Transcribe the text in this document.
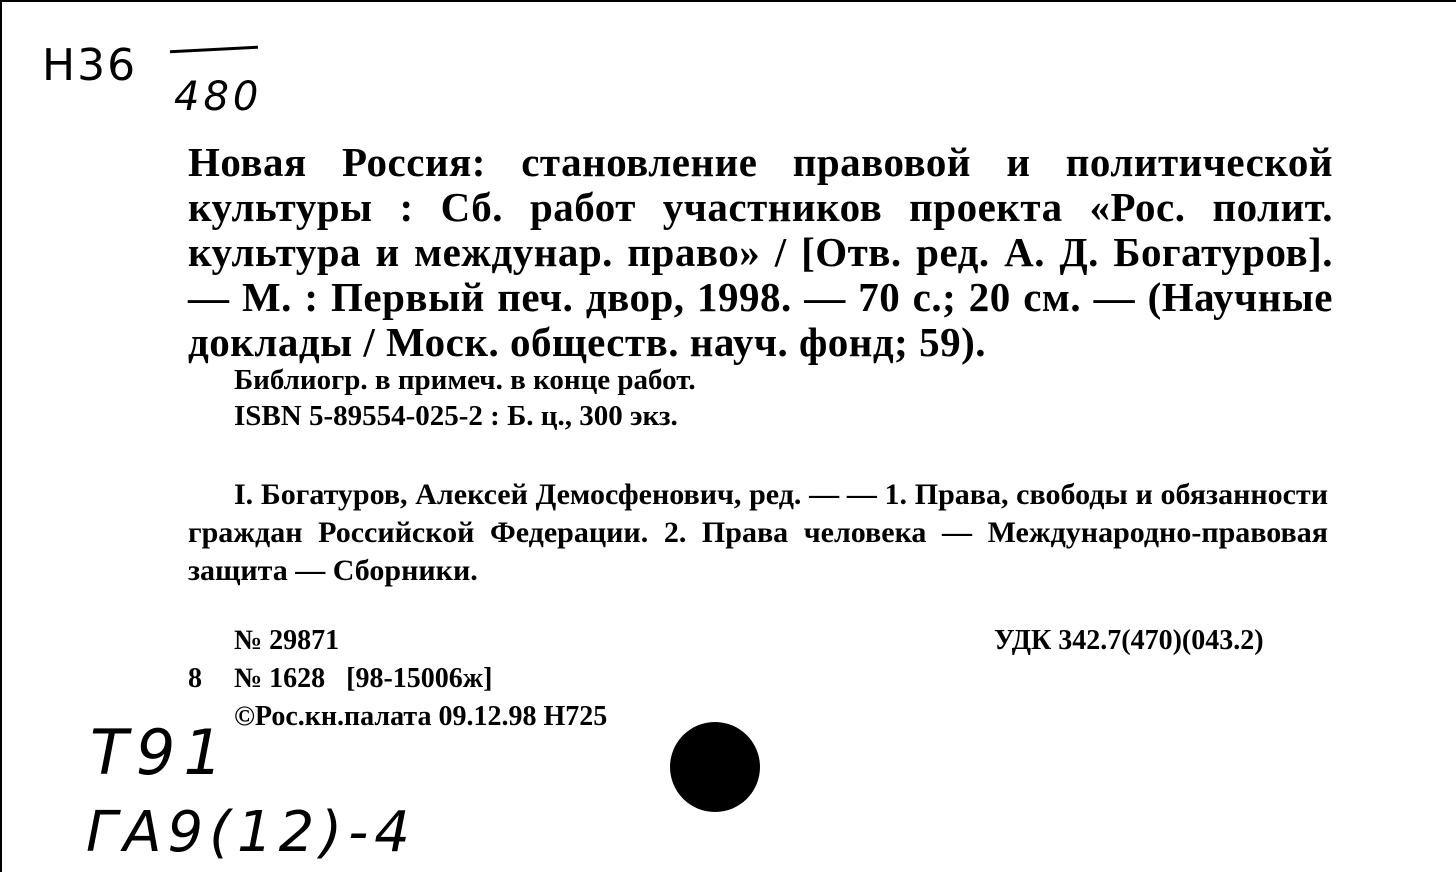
Н36
480

Новая Россия: становление правовой и политической культуры : Сб. работ участников проекта «Рос. полит. культура и междунар. право» / [Отв. ред. А. Д. Богатуров]. — М. : Первый печ. двор, 1998. — 70 с.; 20 см. — (Научные доклады / Моск. обществ. науч. фонд; 59).

Библиогр. в примеч. в конце работ.
ISBN 5-89554-025-2 : Б. ц., 300 экз.

I. Богатуров, Алексей Демосфенович, ред. — — 1. Права, свободы и обязанности граждан Российской Федерации. 2. Права человека — Международно-правовая защита — Сборники.

№ 29871
8 № 1628   [98-15006ж]
©Рос.кн.палата 09.12.98 Н725
УДК 342.7(470)(043.2)
Т91
ГА9(12)-4
